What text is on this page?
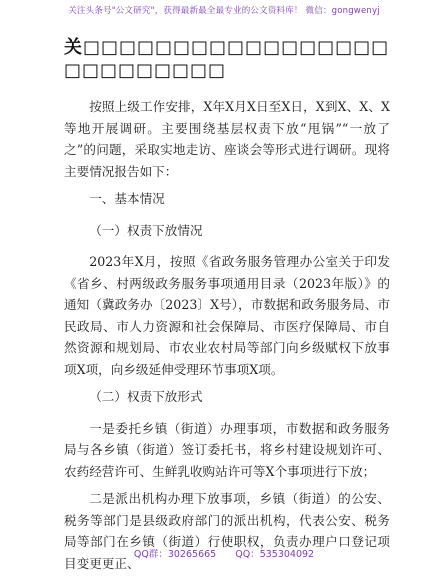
关注头条号"公文研究"，获得最新最全最专业的公文资料库！ 微信：gongwenyj
关□□□□□□□□□□□□□□□□□□□□□□□□□□

按照上级工作安排，X年X月X日至X日，X到X、X、X等地开展调研。主要围绕基层权责下放“甩锅”“一放了之”的问题，采取实地走访、座谈会等形式进行调研。现将主要情况报告如下：

一、基本情况

（一）权责下放情况

2023年X月，按照《省政务服务管理办公室关于印发《省乡、村两级政务服务事项通用目录（2023年版）》的通知（冀政务办〔2023〕X号），市数据和政务服务局、市民政局、市人力资源和社会保障局、市医疗保障局、市自然资源和规划局、市农业农村局等部门向乡级赋权下放事项X项，向乡级延伸受理环节事项X项。

（二）权责下放形式

一是委托乡镇（街道）办理事项，市数据和政务服务局与各乡镇（街道）签订委托书，将乡村建设规划许可、农药经营许可、生鲜乳收购站许可等X个事项进行下放；

二是派出机构办理下放事项，乡镇（街道）的公安、税务等部门是县级政府部门的派出机构，代表公安、税务局等部门在乡镇（街道）行使职权，负责办理户口登记项目变更更正、

QQ群：30265665 QQ：535304092
